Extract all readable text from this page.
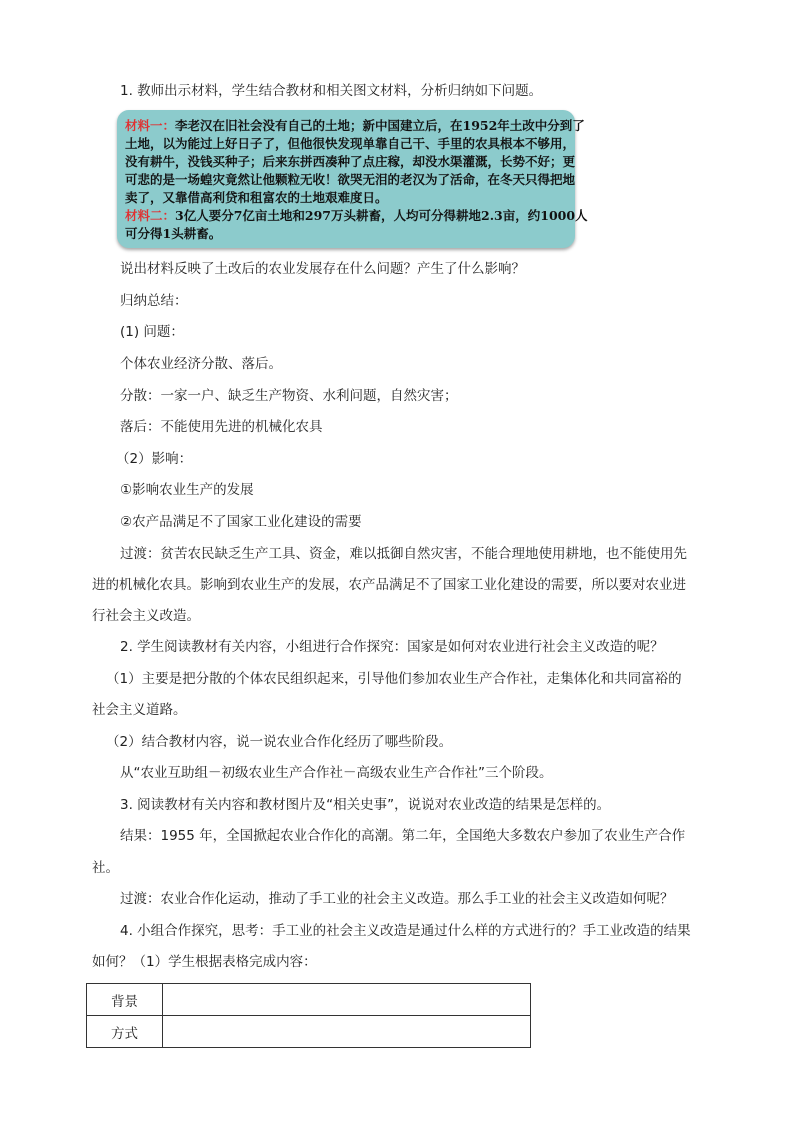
1. 教师出示材料，学生结合教材和相关图文材料，分析归纳如下问题。
材料一：李老汉在旧社会没有自己的土地；新中国建立后，在1952年土改中分到了
土地，以为能过上好日子了，但他很快发现单靠自己干、手里的农具根本不够用，
没有耕牛，没钱买种子；后来东拼西凑种了点庄稼，却没水渠灌溉，长势不好；更
可悲的是一场蝗灾竟然让他颗粒无收！欲哭无泪的老汉为了活命，在冬天只得把地
卖了，又靠借高利贷和租富农的土地艰难度日。
材料二：3亿人要分7亿亩土地和297万头耕畜，人均可分得耕地2.3亩，约1000人
可分得1头耕畜。
说出材料反映了土改后的农业发展存在什么问题？产生了什么影响？
归纳总结：
(1) 问题：
个体农业经济分散、落后。
分散：一家一户、缺乏生产物资、水利问题，自然灾害；
落后：不能使用先进的机械化农具
（2）影响：
①影响农业生产的发展
②农产品满足不了国家工业化建设的需要
过渡：贫苦农民缺乏生产工具、资金，难以抵御自然灾害，不能合理地使用耕地，也不能使用先
进的机械化农具。影响到农业生产的发展，农产品满足不了国家工业化建设的需要，所以要对农业进
行社会主义改造。
2. 学生阅读教材有关内容，小组进行合作探究：国家是如何对农业进行社会主义改造的呢？
（1）主要是把分散的个体农民组织起来，引导他们参加农业生产合作社，走集体化和共同富裕的
社会主义道路。
（2）结合教材内容，说一说农业合作化经历了哪些阶段。
从“农业互助组－初级农业生产合作社－高级农业生产合作社”三个阶段。
3. 阅读教材有关内容和教材图片及“相关史事”，说说对农业改造的结果是怎样的。
结果：1955 年，全国掀起农业合作化的高潮。第二年，全国绝大多数农户参加了农业生产合作
社。
过渡：农业合作化运动，推动了手工业的社会主义改造。那么手工业的社会主义改造如何呢？
4. 小组合作探究，思考：手工业的社会主义改造是通过什么样的方式进行的？手工业改造的结果
如何？（1）学生根据表格完成内容：
背景	
方式	
